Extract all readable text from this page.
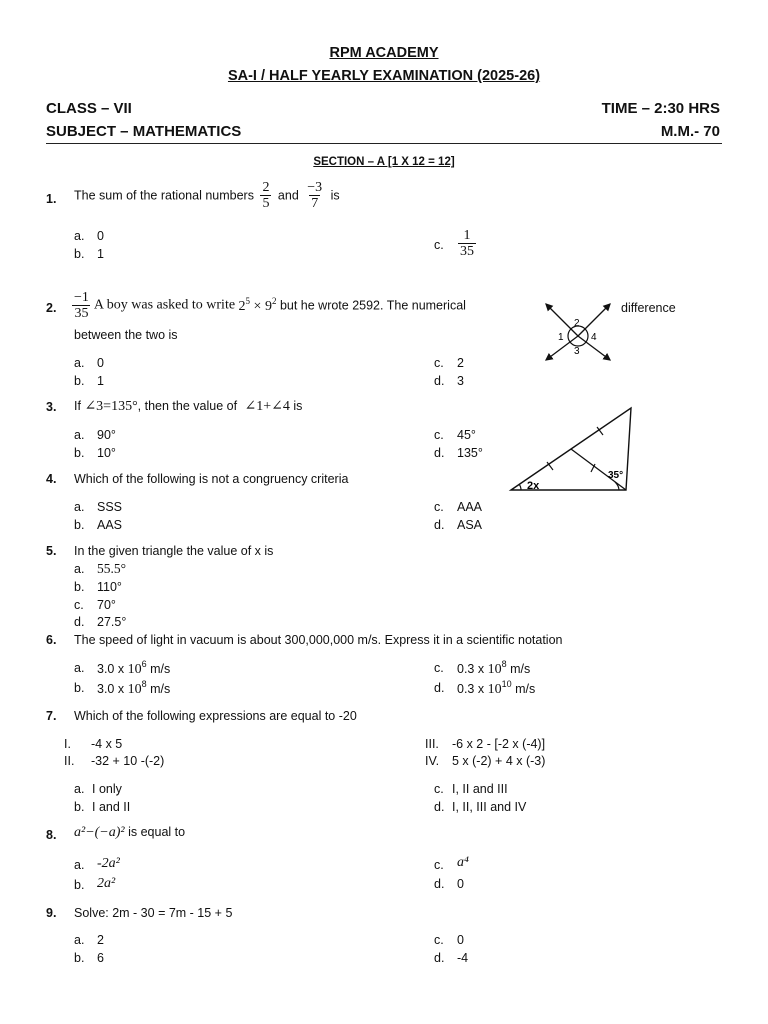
RPM ACADEMY
SA-I / HALF YEARLY EXAMINATION (2025-26)
CLASS – VII	TIME – 2:30 HRS
SUBJECT – MATHEMATICS	M.M.- 70
SECTION – A [1 X 12 = 12]
1. The sum of the rational numbers $\frac{2}{5}$ and $\frac{-3}{7}$ is
a. 0
b. 1
c. $\frac{1}{35}$
2. $\frac{-1}{35}$ A boy was asked to write $2^5 \times 9^2$ but he wrote 2592. The numerical	difference
between the two is
2
1	4
3
a. 0
b. 1
c. 2
d. 3
3. If ∠3=135°, then the value of ∠1+∠4 is
a. 90°
b. 10°
c. 45°
d. 135°
2x
35°
4. Which of the following is not a congruency criteria
a. SSS
b. AAS
c. AAA
d. ASA
5. In the given triangle the value of x is
a. 55.5°
b. 110°
c. 70°
d. 27.5°
6. The speed of light in vacuum is about 300,000,000 m/s. Express it in a scientific notation
a. 3.0 x $10^6$ m/s
b. 3.0 x $10^8$ m/s
c. 0.3 x $10^8$ m/s
d. 0.3 x $10^{10}$ m/s
7. Which of the following expressions are equal to -20
I. -4 x 5
II. -32 + 10 -(-2)
III. -6 x 2 - [-2 x (-4)]
IV. 5 x (-2) + 4 x (-3)
a. I only
b. I and II
c. I, II and III
d. I, II, III and IV
8. a²−(−a)² is equal to
a. -2a²
b. 2a²
c. a⁴
d. 0
9. Solve: 2m - 30 = 7m - 15 + 5
a. 2
b. 6
c. 0
d. -4
